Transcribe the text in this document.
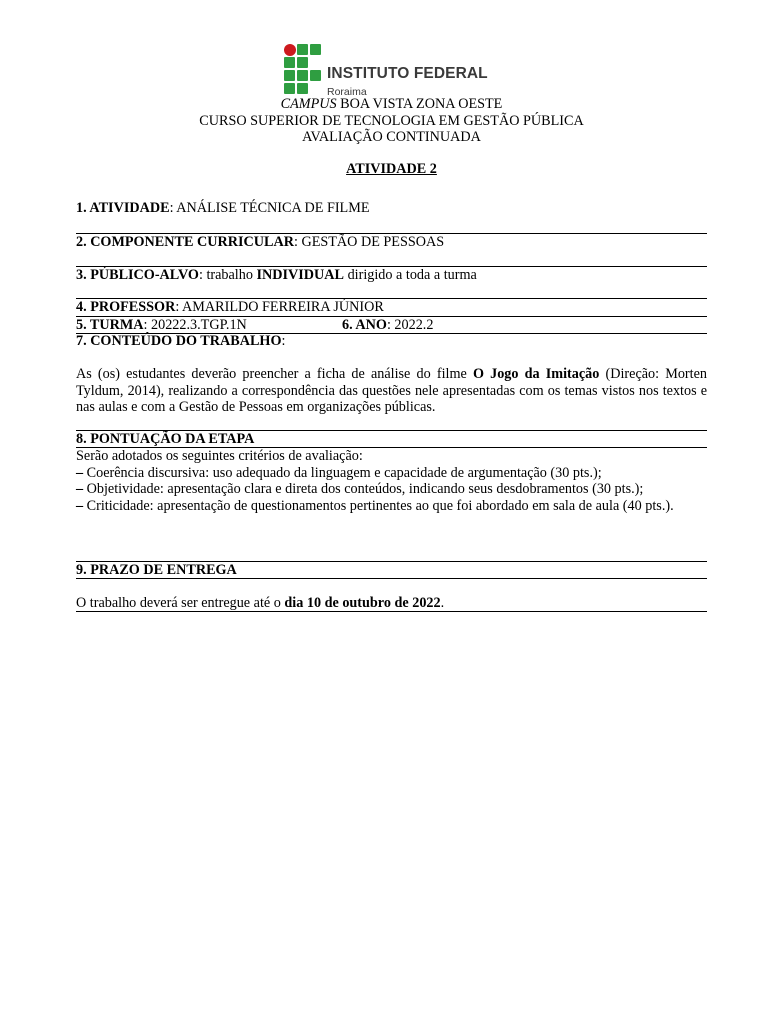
INSTITUTO FEDERAL
Roraima
CAMPUS BOA VISTA ZONA OESTE
CURSO SUPERIOR DE TECNOLOGIA EM GESTÃO PÚBLICA
AVALIAÇÃO CONTINUADA
ATIVIDADE 2
1. ATIVIDADE: ANÁLISE TÉCNICA DE FILME
2. COMPONENTE CURRICULAR: GESTÃO DE PESSOAS
3. PÚBLICO-ALVO: trabalho INDIVIDUAL dirigido a toda a turma
4. PROFESSOR: AMARILDO FERREIRA JÚNIOR
5. TURMA: 20222.3.TGP.1N	6. ANO: 2022.2
7. CONTEÚDO DO TRABALHO:
As (os) estudantes deverão preencher a ficha de análise do filme O Jogo da Imitação (Direção: Morten Tyldum, 2014), realizando a correspondência das questões nele apresentadas com os temas vistos nos textos e nas aulas e com a Gestão de Pessoas em organizações públicas.
8. PONTUAÇÃO DA ETAPA
Serão adotados os seguintes critérios de avaliação:
– Coerência discursiva: uso adequado da linguagem e capacidade de argumentação (30 pts.);
– Objetividade: apresentação clara e direta dos conteúdos, indicando seus desdobramentos (30 pts.);
– Criticidade: apresentação de questionamentos pertinentes ao que foi abordado em sala de aula (40 pts.).
9. PRAZO DE ENTREGA
O trabalho deverá ser entregue até o dia 10 de outubro de 2022.
